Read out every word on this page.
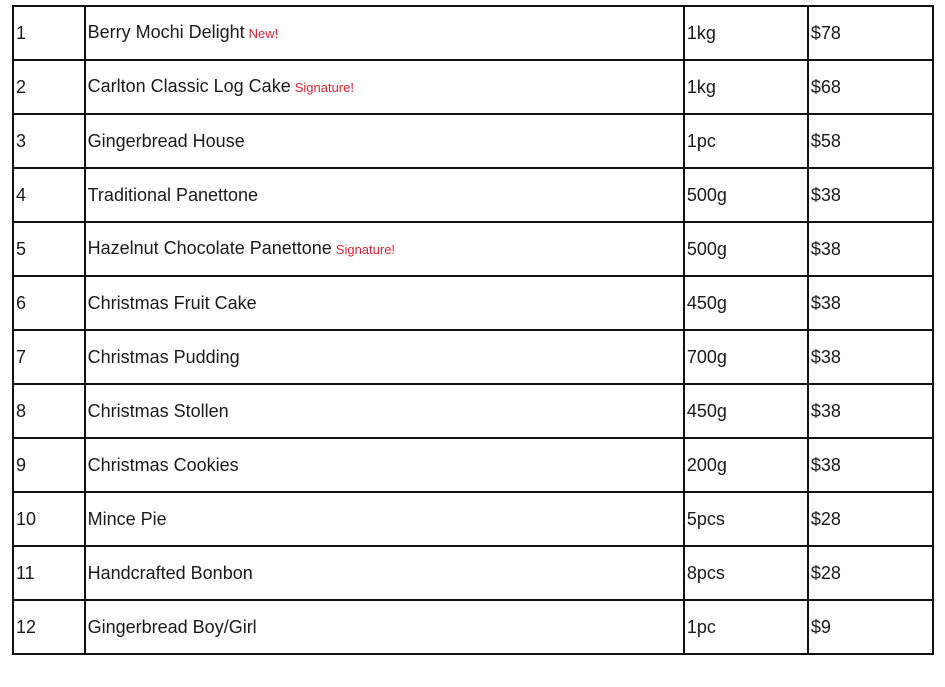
1	Berry Mochi Delight New!	1kg	$78
2	Carlton Classic Log Cake Signature!	1kg	$68
3	Gingerbread House	1pc	$58
4	Traditional Panettone	500g	$38
5	Hazelnut Chocolate Panettone Signature!	500g	$38
6	Christmas Fruit Cake	450g	$38
7	Christmas Pudding	700g	$38
8	Christmas Stollen	450g	$38
9	Christmas Cookies	200g	$38
10	Mince Pie	5pcs	$28
11	Handcrafted Bonbon	8pcs	$28
12	Gingerbread Boy/Girl	1pc	$9
